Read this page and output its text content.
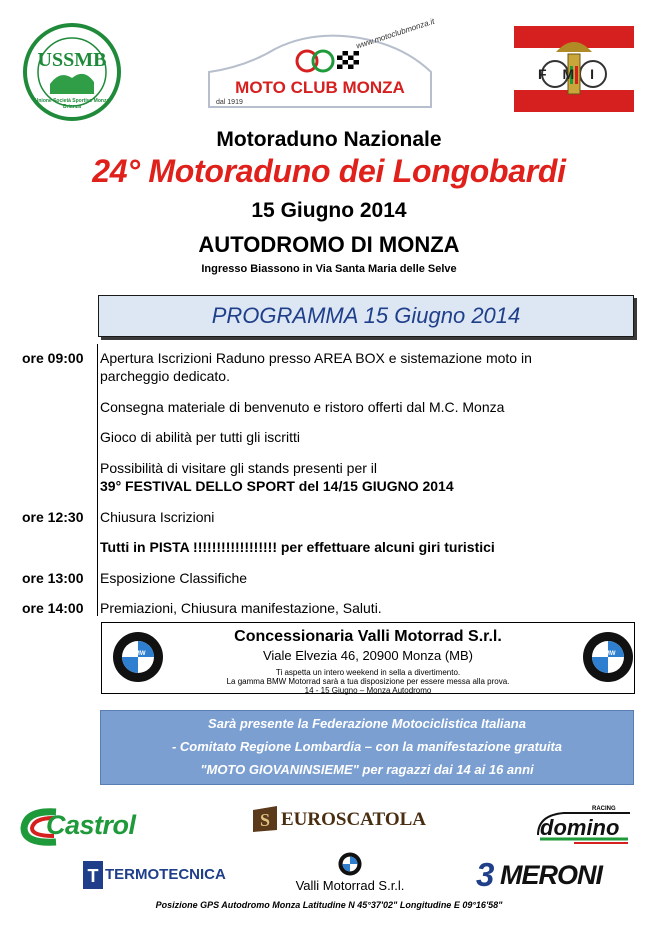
USSMB
www.motoclubmonza.it
MOTO CLUB MONZA
dal 1919
FMI
Unione Società Sportive Monza Brianza
Motoraduno Nazionale
24° Motoraduno dei Longobardi
15 Giugno 2014
AUTODROMO DI MONZA
Ingresso Biassono in Via Santa Maria delle Selve
PROGRAMMA 15 Giugno 2014
ore 09:00 Apertura Iscrizioni Raduno presso AREA BOX e sistemazione moto in
parcheggio dedicato.
Consegna materiale di benvenuto e ristoro offerti dal M.C. Monza
Gioco di abilità per tutti gli iscritti
Possibilità di visitare gli stands presenti per il
39° FESTIVAL DELLO SPORT del 14/15 GIUGNO 2014
ore 12:30 Chiusura Iscrizioni
Tutti in PISTA !!!!!!!!!!!!!!!!!! per effettuare alcuni giri turistici
ore 13:00 Esposizione Classifiche
ore 14:00 Premiazioni, Chiusura manifestazione, Saluti.
BMW	BMW
Concessionaria Valli Motorrad S.r.l.
Viale Elvezia 46, 20900 Monza (MB)
Ti aspetta un intero weekend in sella a divertimento.
La gamma BMW Motorrad sarà a tua disposizione per essere messa alla prova.
14 - 15 Giugno – Monza Autodromo
Sarà presente la Federazione Motociclistica Italiana
- Comitato Regione Lombardia – con la manifestazione gratuita
"MOTO GIOVANINSIEME" per ragazzi dai 14 ai 16 anni
Castrol	S EUROSCATOLA	RACING
domino
T TERMOTECNICA
Valli Motorrad S.r.l. 3 MERONI
Posizione GPS Autodromo Monza Latitudine N 45°37'02" Longitudine E 09°16'58"
